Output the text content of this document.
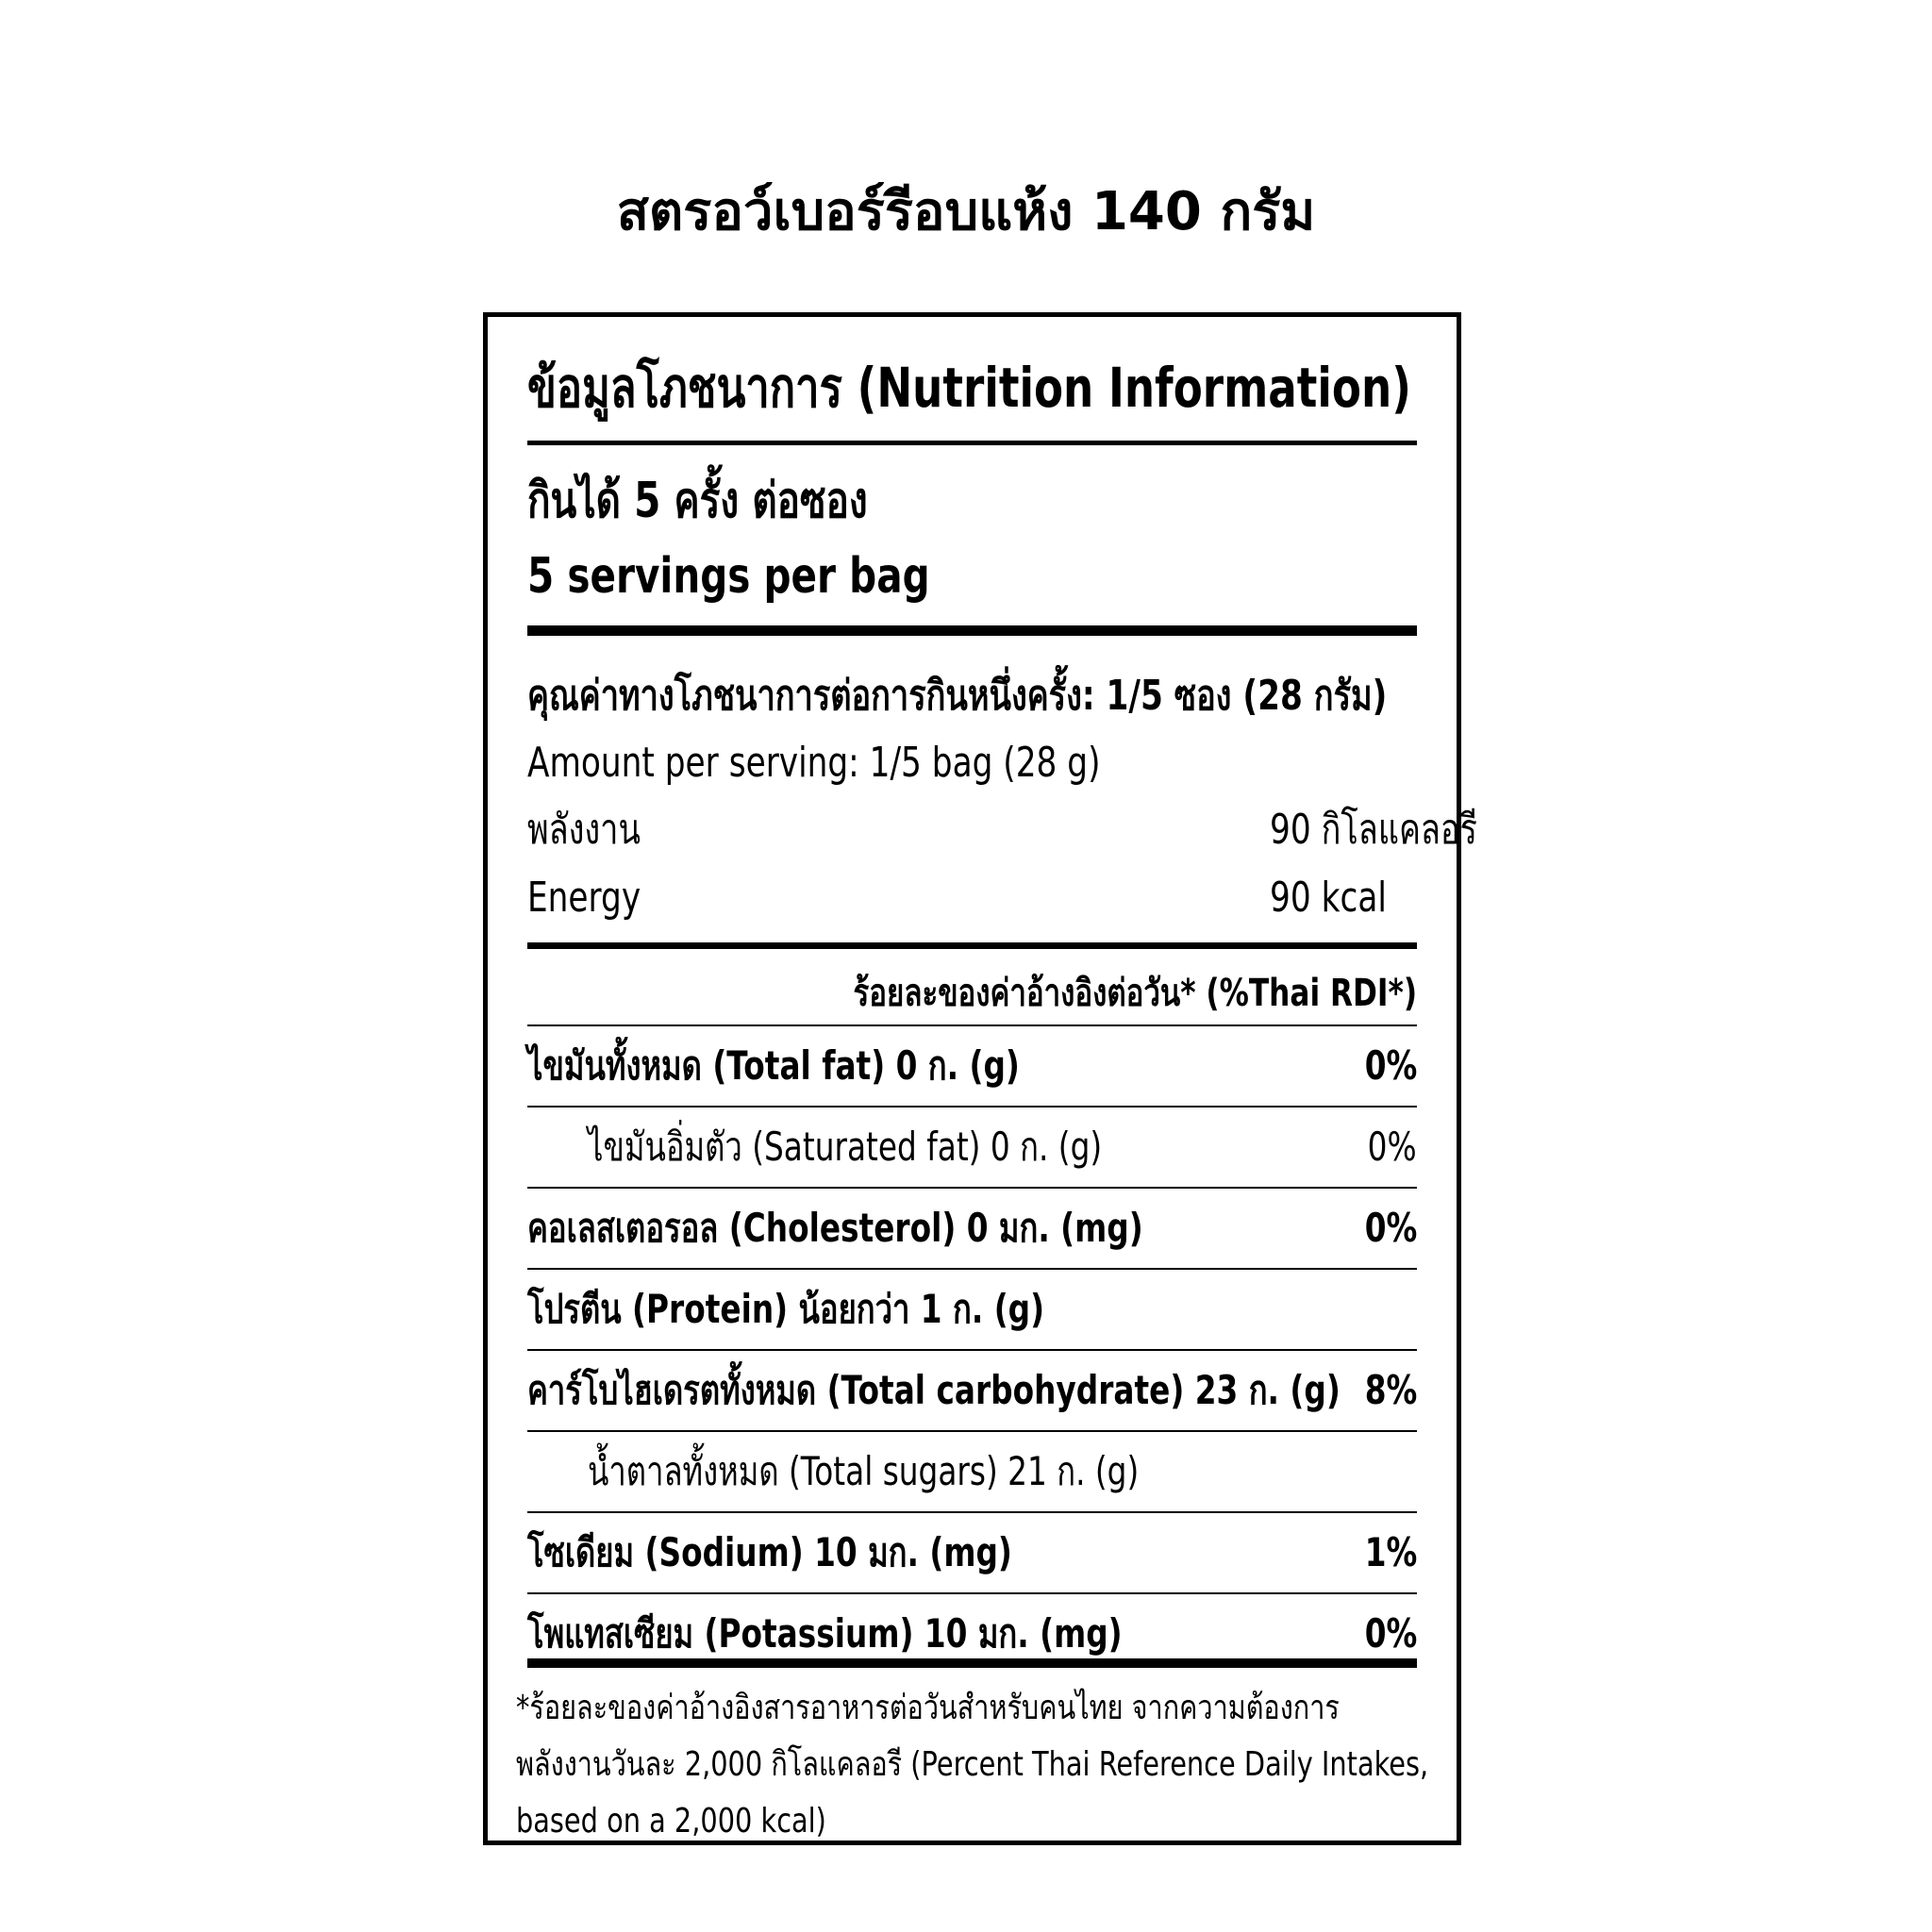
สตรอว์เบอร์รีอบแห้ง 140 กรัม
ข้อมูลโภชนาการ (Nutrition Information)
กินได้ 5 ครั้ง ต่อซอง
5 servings per bag
คุณค่าทางโภชนาการต่อการกินหนึ่งครั้ง: 1/5 ซอง (28 กรัม)
Amount per serving: 1/5 bag (28 g)
พลังงาน	90 กิโลแคลอรี
Energy	90 kcal
ร้อยละของค่าอ้างอิงต่อวัน* (%Thai RDI*)
ไขมันทั้งหมด (Total fat) 0 ก. (g)	0%
ไขมันอิ่มตัว (Saturated fat) 0 ก. (g)	0%
คอเลสเตอรอล (Cholesterol) 0 มก. (mg)	0%
โปรตีน (Protein) น้อยกว่า 1 ก. (g)
คาร์โบไฮเดรตทั้งหมด (Total carbohydrate) 23 ก. (g) 8%
น้ำตาลทั้งหมด (Total sugars) 21 ก. (g)
โซเดียม (Sodium) 10 มก. (mg)	1%
โพแทสเซียม (Potassium) 10 มก. (mg)	0%
*ร้อยละของค่าอ้างอิงสารอาหารต่อวันสำหรับคนไทย จากความต้องการ
พลังงานวันละ 2,000 กิโลแคลอรี (Percent Thai Reference Daily Intakes,
based on a 2,000 kcal)
